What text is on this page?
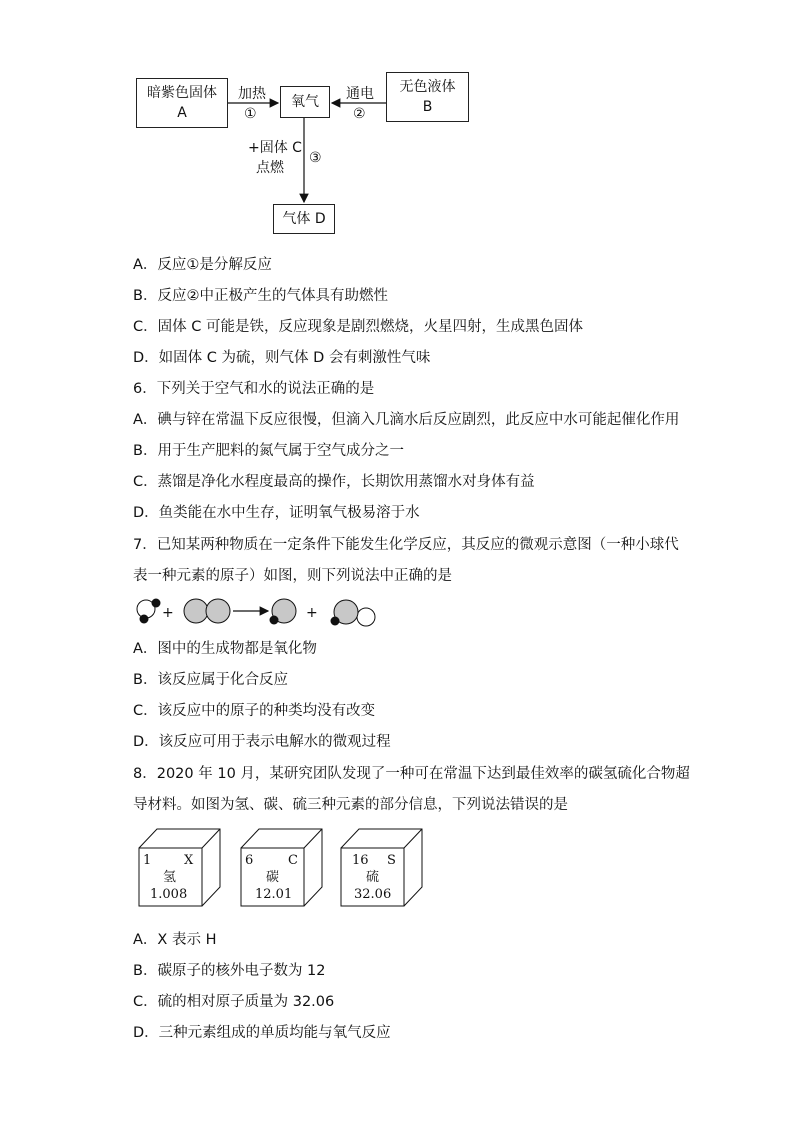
暗紫色固体
A
氧气
无色液体
B
气体 D
加热
①
通电
②
+固体 C
点燃
③
A．反应①是分解反应
B．反应②中正极产生的气体具有助燃性
C．固体 C 可能是铁，反应现象是剧烈燃烧，火星四射，生成黑色固体
D．如固体 C 为硫，则气体 D 会有刺激性气味
6．下列关于空气和水的说法正确的是
A．碘与锌在常温下反应很慢，但滴入几滴水后反应剧烈，此反应中水可能起催化作用
B．用于生产肥料的氮气属于空气成分之一
C．蒸馏是净化水程度最高的操作，长期饮用蒸馏水对身体有益
D．鱼类能在水中生存，证明氧气极易溶于水
7．已知某两种物质在一定条件下能发生化学反应，其反应的微观示意图（一种小球代
表一种元素的原子）如图，则下列说法中正确的是
+	+
A．图中的生成物都是氧化物
B．该反应属于化合反应
C．该反应中的原子的种类均没有改变
D．该反应可用于表示电解水的微观过程
8．2020 年 10 月，某研究团队发现了一种可在常温下达到最佳效率的碳氢硫化合物超
导材料。如图为氢、碳、硫三种元素的部分信息，下列说法错误的是
1	X
氢
1.008
6	C
碳
12.01
16 S
硫
32.06
A．X 表示 H
B．碳原子的核外电子数为 12
C．硫的相对原子质量为 32.06
D．三种元素组成的单质均能与氧气反应
